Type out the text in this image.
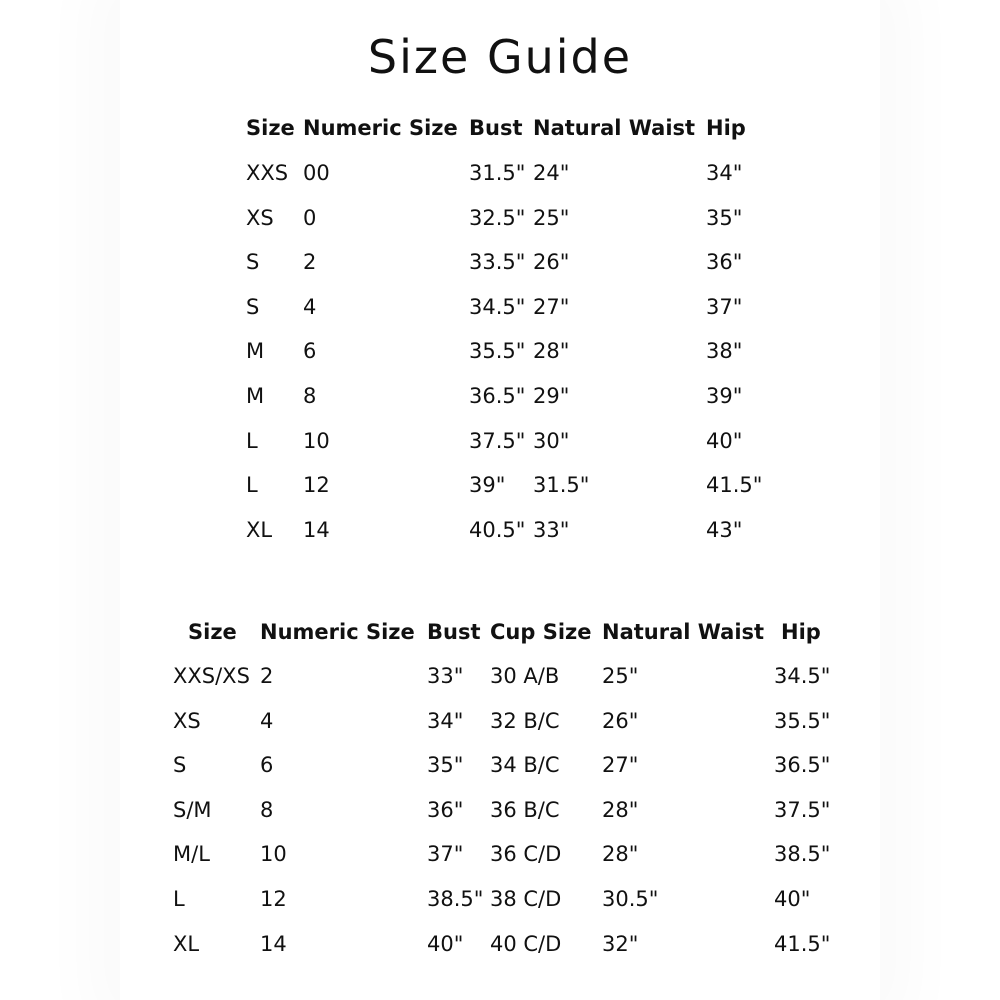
Size Guide
Size Numeric Size Bust Natural Waist Hip
XXS 00	31.5" 24"	34"
XS 0	32.5" 25"	35"
S 2	33.5" 26"	36"
S 4	34.5" 27"	37"
M 6	35.5" 28"	38"
M 8	36.5" 29"	39"
L 10	37.5" 30"	40"
L 12	39" 31.5"	41.5"
XL 14	40.5" 33"	43"
Size Numeric Size Bust Cup Size Natural Waist Hip
XXS/XS 2	33" 30 A/B 25"	34.5"
XS	4	34" 32 B/C 26"	35.5"
S	6	35" 34 B/C 27"	36.5"
S/M 8	36" 36 B/C 28"	37.5"
M/L 10	37" 36 C/D 28"	38.5"
L	12	38.5" 38 C/D 30.5"	40"
XL	14	40" 40 C/D 32"	41.5"
